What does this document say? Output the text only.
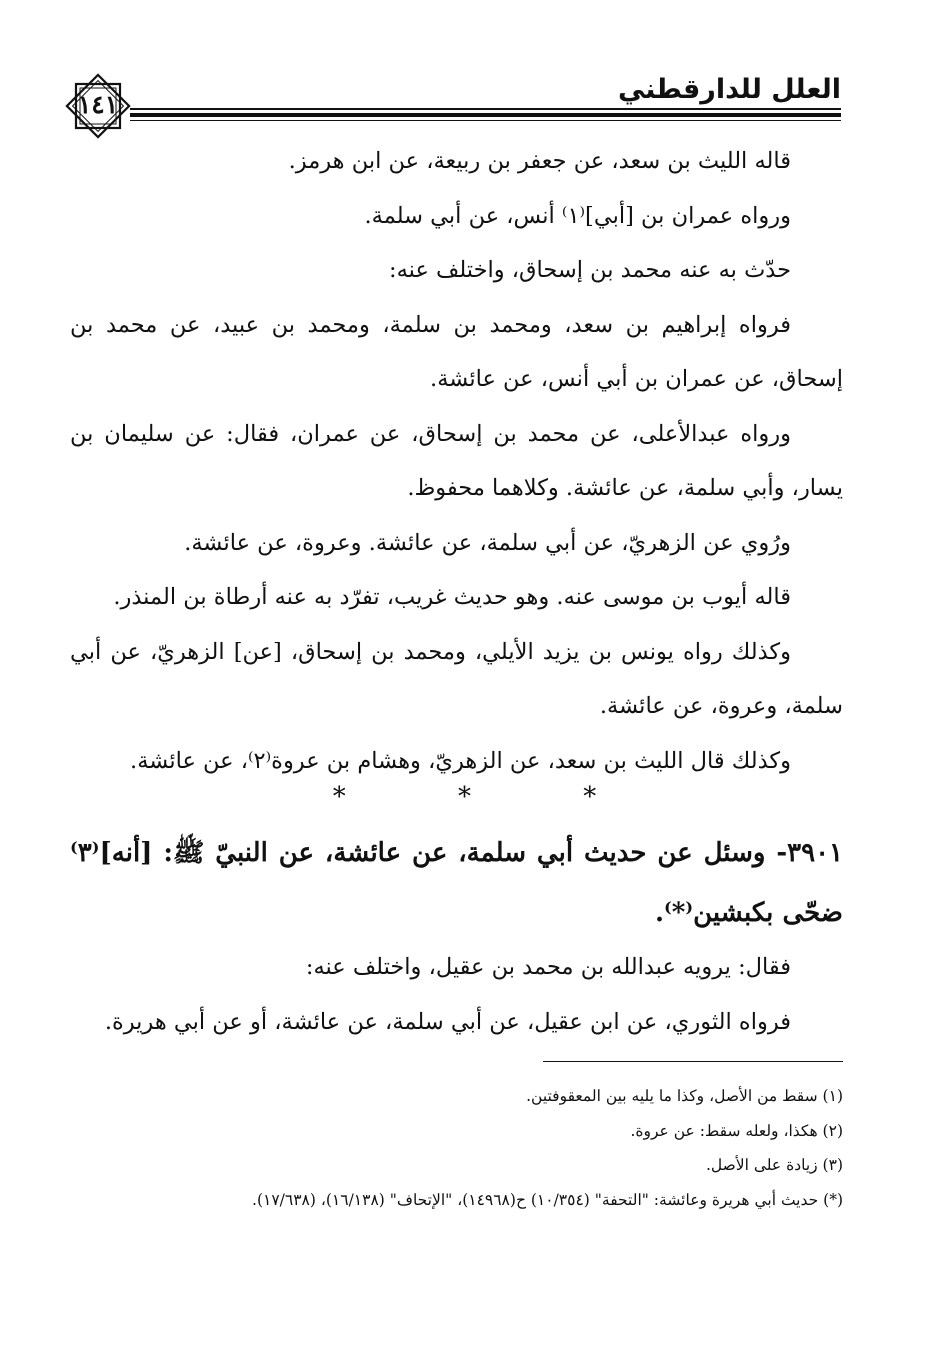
العلل للدارقطني
١٤١

قاله الليث بن سعد، عن جعفر بن ربيعة، عن ابن هرمز.

ورواه عمران بن [أبي]⁽١⁾ أنس، عن أبي سلمة.

حدّث به عنه محمد بن إسحاق، واختلف عنه:

فرواه إبراهيم بن سعد، ومحمد بن سلمة، ومحمد بن عبيد، عن محمد بن إسحاق، عن عمران بن أبي أنس، عن عائشة.

ورواه عبدالأعلى، عن محمد بن إسحاق، عن عمران، فقال: عن سليمان بن يسار، وأبي سلمة، عن عائشة. وكلاهما محفوظ.

ورُوي عن الزهريّ، عن أبي سلمة، عن عائشة. وعروة، عن عائشة.

قاله أيوب بن موسى عنه. وهو حديث غريب، تفرّد به عنه أرطاة بن المنذر.

وكذلك رواه يونس بن يزيد الأيلي، ومحمد بن إسحاق، [عن] الزهريّ، عن أبي سلمة، وعروة، عن عائشة.

وكذلك قال الليث بن سعد، عن الزهريّ، وهشام بن عروة⁽٢⁾، عن عائشة.

* * *
٣٩٠١- وسئل عن حديث أبي سلمة، عن عائشة، عن النبيّ ﷺ: [أنه]⁽٣⁾ ضحّى بكبشين⁽*⁾.

فقال: يرويه عبدالله بن محمد بن عقيل، واختلف عنه:

فرواه الثوري، عن ابن عقيل، عن أبي سلمة، عن عائشة، أو عن أبي هريرة.

(١) سقط من الأصل، وكذا ما يليه بين المعقوفتين.

(٢) هكذا، ولعله سقط: عن عروة.

(٣) زيادة على الأصل.

(*) حديث أبي هريرة وعائشة: "التحفة" (١٠/٣٥٤) ح(١٤٩٦٨)، "الإتحاف" (١٦/١٣٨)، (١٧/٦٣٨).
